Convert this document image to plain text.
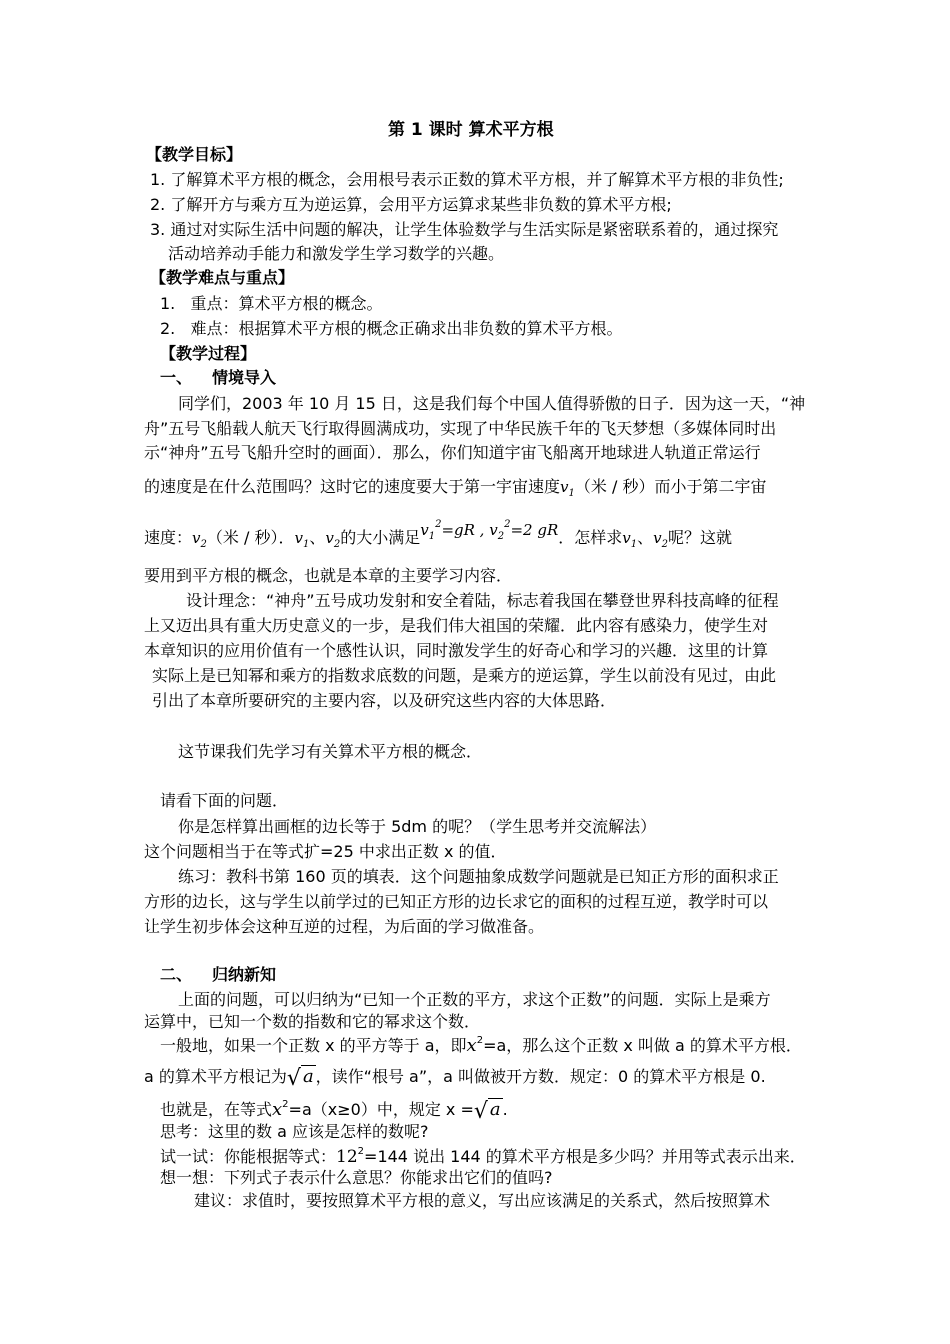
第 1 课时 算术平方根
【教学目标】
1. 了解算术平方根的概念，会用根号表示正数的算术平方根，并了解算术平方根的非负性;
2. 了解开方与乘方互为逆运算，会用平方运算求某些非负数的算术平方根;
3. 通过对实际生活中问题的解决，让学生体验数学与生活实际是紧密联系着的，通过探究
活动培养动手能力和激发学生学习数学的兴趣。
【教学难点与重点】
1.   重点：算术平方根的概念。
2.   难点：根据算术平方根的概念正确求出非负数的算术平方根。
【教学过程】
一、 情境导入
同学们，2003 年 10 月 15 日，这是我们每个中国人值得骄傲的日子．因为这一天，“神
舟”五号飞船载人航天飞行取得圆满成功，实现了中华民族千年的飞天梦想（多媒体同时出
示“神舟”五号飞船升空时的画面）．那么，你们知道宇宙飞船离开地球进人轨道正常运行
的速度是在什么范围吗？这时它的速度要大于第一宇宙速度$v_1$（米 / 秒）而小于第二宇宙
速度：$v_2$（米 / 秒）．$v_1$、$v_2$的大小满足$v_1^2=gR$ , $v_2^2=2$ gR．怎样求$v_1$、$v_2$呢？这就
要用到平方根的概念，也就是本章的主要学习内容．
设计理念：“神舟”五号成功发射和安全着陆，标志着我国在攀登世界科技高峰的征程
上又迈出具有重大历史意义的一步，是我们伟大祖国的荣耀．此内容有感染力，使学生对
本章知识的应用价值有一个感性认识，同时激发学生的好奇心和学习的兴趣．这里的计算
实际上是已知幂和乘方的指数求底数的问题，是乘方的逆运算，学生以前没有见过，由此
引出了本章所要研究的主要内容，以及研究这些内容的大体思路．
这节课我们先学习有关算术平方根的概念．
请看下面的问题．
你是怎样算出画框的边长等于 5dm 的呢？（学生思考并交流解法）
这个问题相当于在等式扩=25 中求出正数 x 的值．
练习：教科书第 160 页的填表．这个问题抽象成数学问题就是已知正方形的面积求正
方形的边长，这与学生以前学过的已知正方形的边长求它的面积的过程互逆，教学时可以
让学生初步体会这种互逆的过程，为后面的学习做准备。
二、 归纳新知
上面的问题，可以归纳为“已知一个正数的平方，求这个正数”的问题．实际上是乘方
运算中，已知一个数的指数和它的幂求这个数．
一般地，如果一个正数 x 的平方等于 a，即$x^2=a$，那么这个正数 x 叫做 a 的算术平方根．
a 的算术平方根记为√ a ，读作“根号 a”，a 叫做被开方数．规定：0 的算术平方根是 0.
也就是，在等式$x^2=a(x\ge 0)$中，规定 x =√ a .
思考：这里的数 a 应该是怎样的数呢?
试一试：你能根据等式：$12^2=144$ 说出 144 的算术平方根是多少吗？并用等式表示出来．
想一想：下列式子表示什么意思？你能求出它们的值吗?
建议：求值时，要按照算术平方根的意义，写出应该满足的关系式，然后按照算术
